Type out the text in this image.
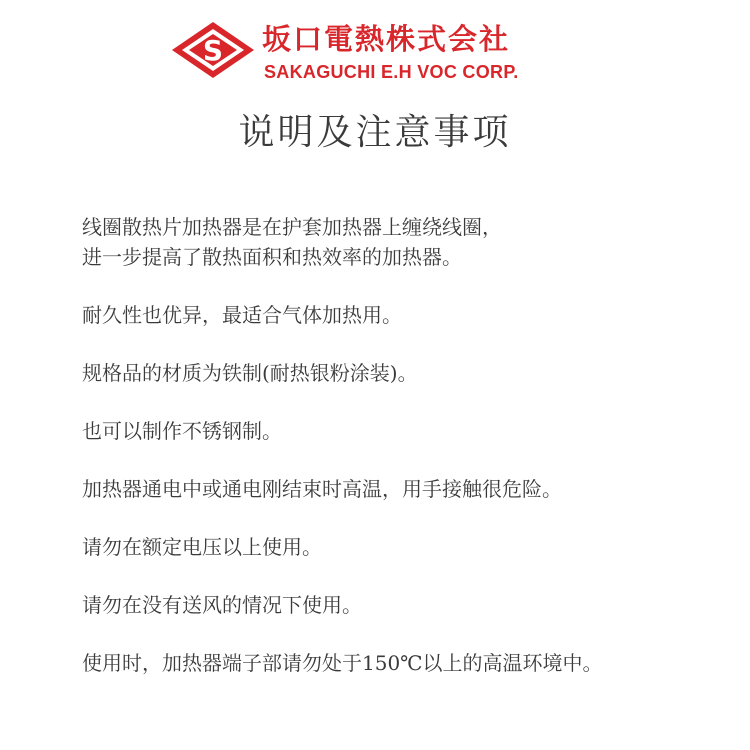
S 坂口電熱株式会社
SAKAGUCHI E.H VOC CORP.
说明及注意事项
线圈散热片加热器是在护套加热器上缠绕线圈，
进一步提高了散热面积和热效率的加热器。
耐久性也优异，最适合气体加热用。
规格品的材质为铁制(耐热银粉涂装)。
也可以制作不锈钢制。
加热器通电中或通电刚结束时高温，用手接触很危险。
请勿在额定电压以上使用。
请勿在没有送风的情况下使用。
使用时，加热器端子部请勿处于150℃以上的高温环境中。
